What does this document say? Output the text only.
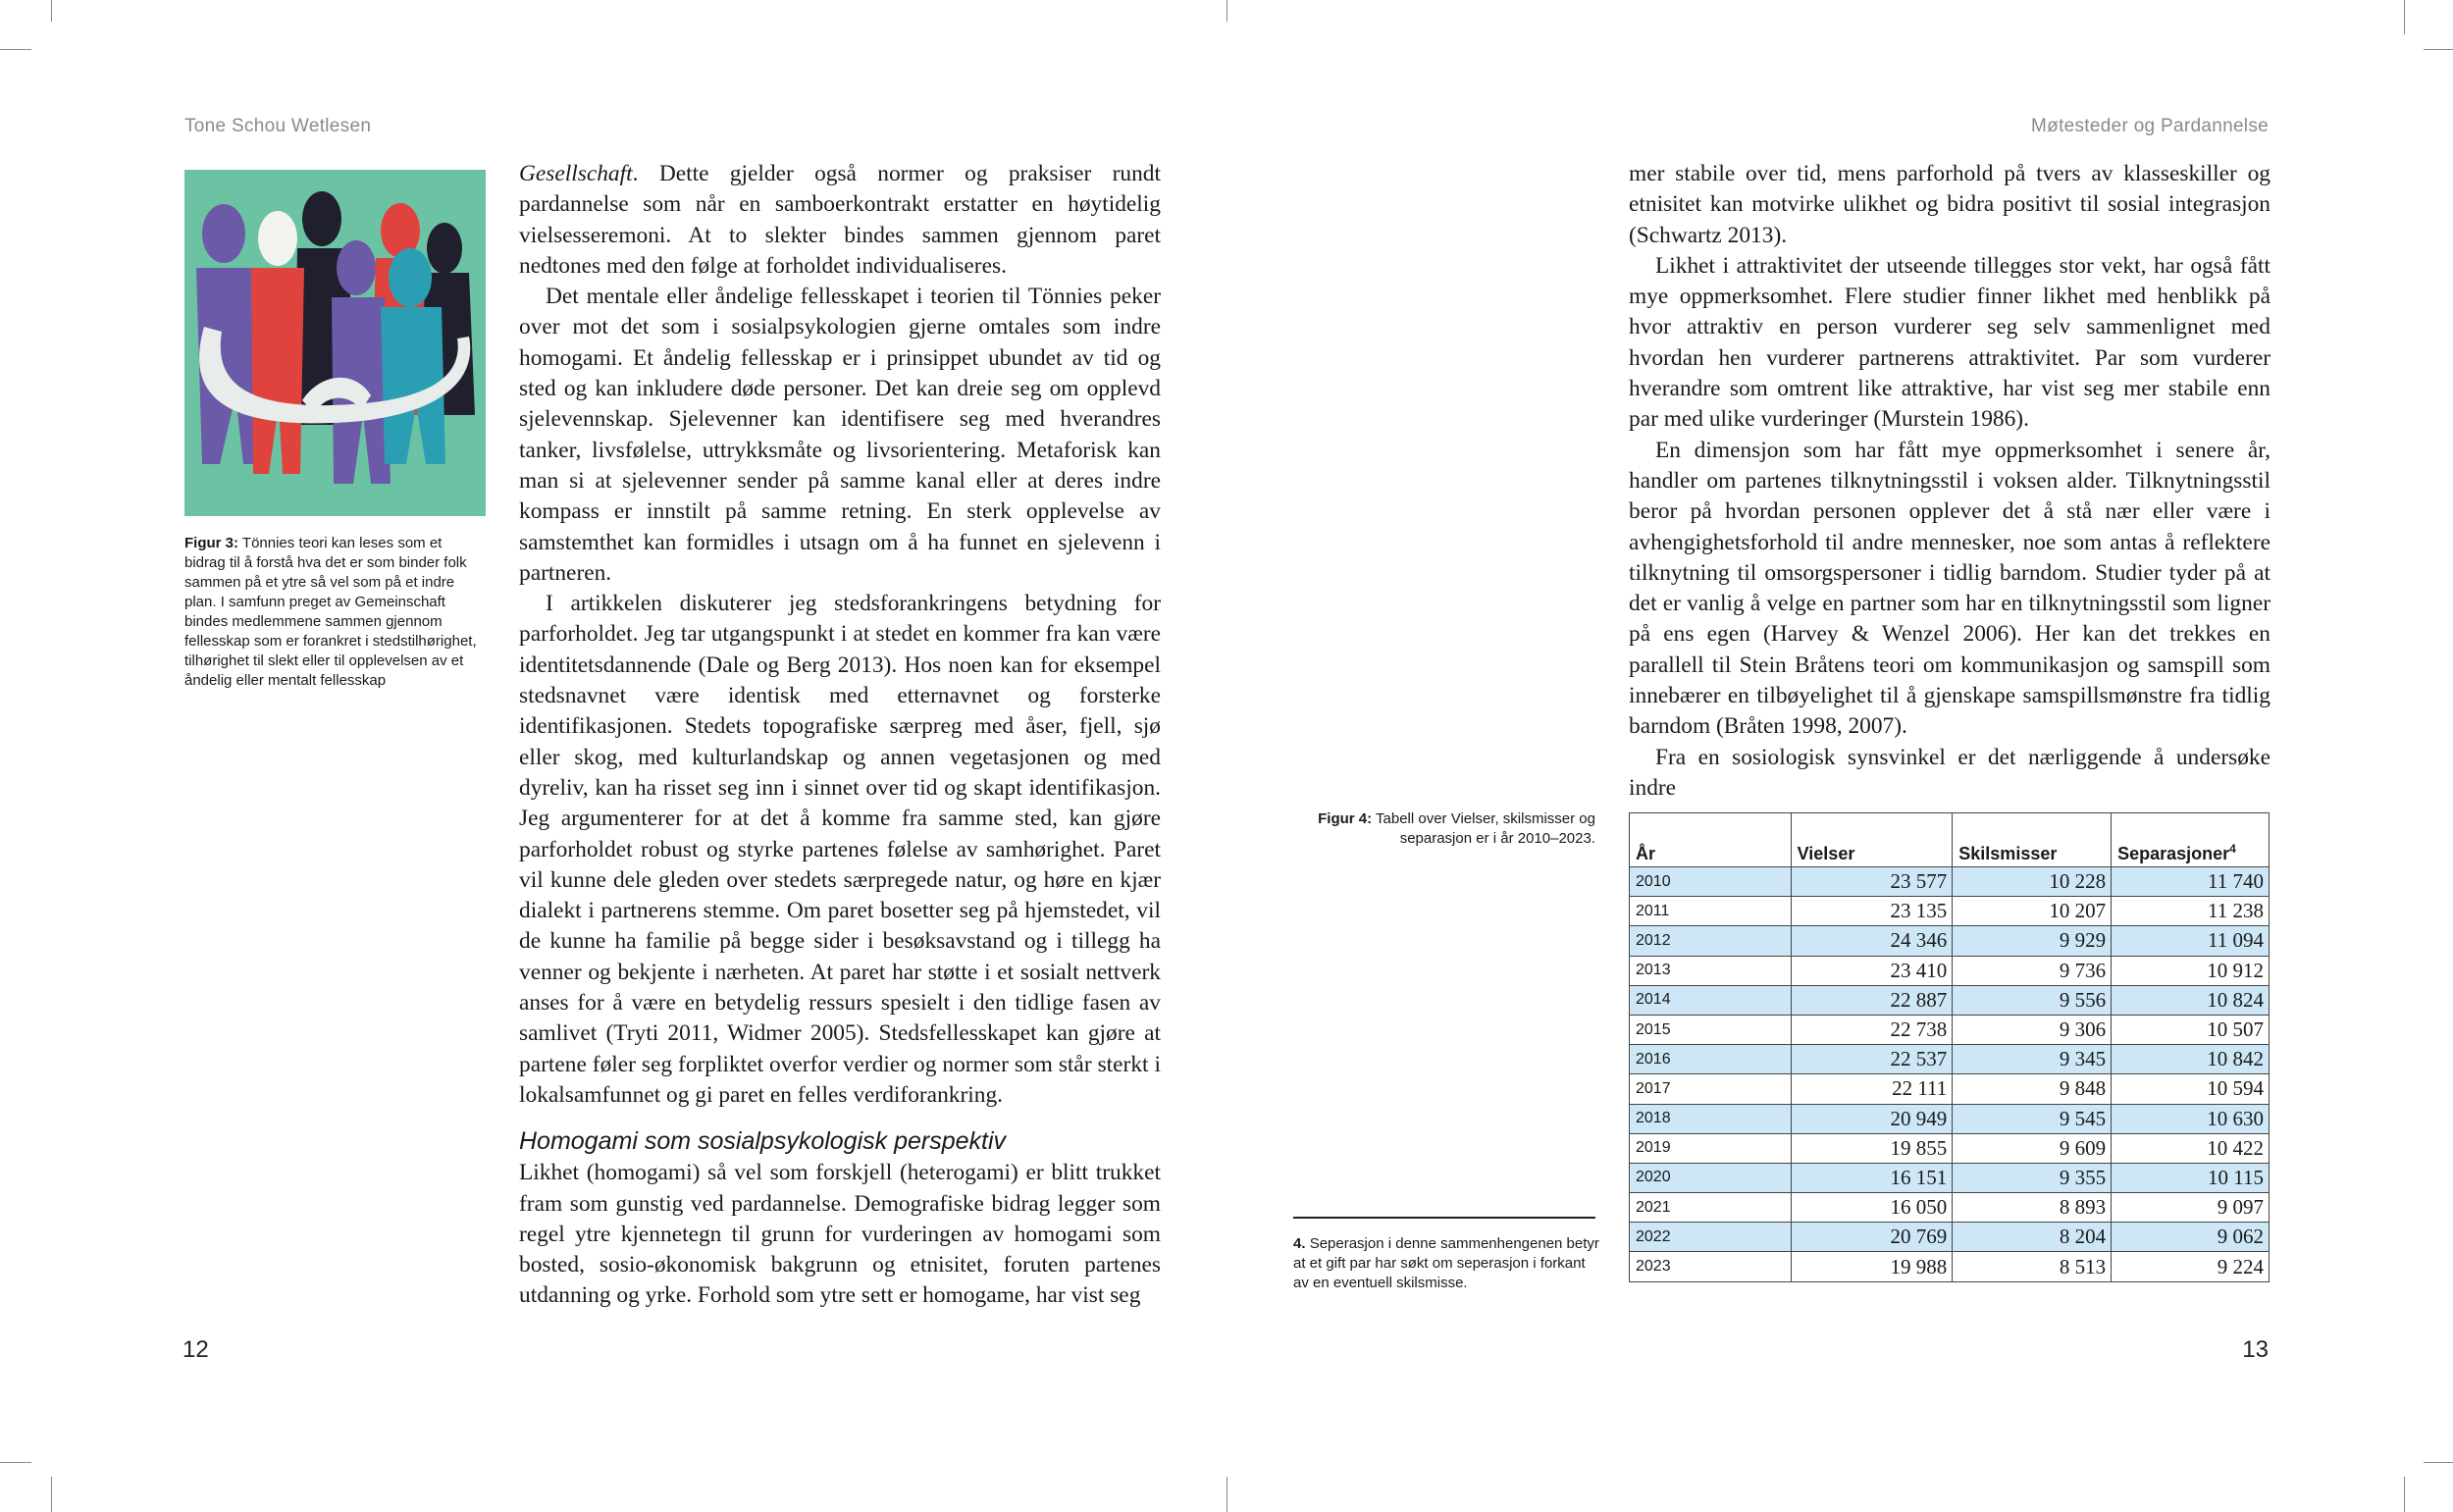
Tone Schou Wetlesen	Møtesteder og Pardannelse
Figur 3: Tönnies teori kan leses som et bidrag til å forstå hva det er som binder folk sammen på et ytre så vel som på et indre plan. I samfunn preget av Gemeinschaft bindes medlemmene sammen gjennom fellesskap som er forankret i stedstilhørighet, tilhørighet til slekt eller til opplevelsen av et åndelig eller mentalt fellesskap

Gesellschaft. Dette gjelder også normer og praksiser rundt pardannelse som når en samboerkontrakt erstatter en høytidelig vielsesseremoni. At to slekter bindes sammen gjennom paret nedtones med den følge at forholdet individualiseres.

Det mentale eller åndelige fellesskapet i teorien til Tönnies peker over mot det som i sosialpsykologien gjerne omtales som indre homogami. Et åndelig fellesskap er i prinsippet ubundet av tid og sted og kan inkludere døde personer. Det kan dreie seg om opplevd sjelevennskap. Sjelevenner kan identifisere seg med hverandres tanker, livsfølelse, uttrykksmåte og livsorientering. Metaforisk kan man si at sjelevenner sender på samme kanal eller at deres indre kompass er innstilt på samme retning. En sterk opplevelse av samstemthet kan formidles i utsagn om å ha funnet en sjelevenn i partneren.

I artikkelen diskuterer jeg stedsforankringens betydning for parforholdet. Jeg tar utgangspunkt i at stedet en kommer fra kan være identitetsdannende (Dale og Berg 2013). Hos noen kan for eksempel stedsnavnet være identisk med etternavnet og forsterke identifikasjonen. Stedets topografiske særpreg med åser, fjell, sjø eller skog, med kulturlandskap og annen vegetasjonen og med dyreliv, kan ha risset seg inn i sinnet over tid og skapt identifikasjon. Jeg argumenterer for at det å komme fra samme sted, kan gjøre parforholdet robust og styrke partenes følelse av samhørighet. Paret vil kunne dele gleden over stedets særpregede natur, og høre en kjær dialekt i partnerens stemme. Om paret bosetter seg på hjemstedet, vil de kunne ha familie på begge sider i besøksavstand og i tillegg ha venner og bekjente i nærheten. At paret har støtte i et sosialt nettverk anses for å være en betydelig ressurs spesielt i den tidlige fasen av samlivet (Tryti 2011, Widmer 2005). Stedsfellesskapet kan gjøre at partene føler seg forpliktet overfor verdier og normer som står sterkt i lokalsamfunnet og gi paret en felles verdiforankring.

Homogami som sosialpsykologisk perspektiv

Likhet (homogami) så vel som forskjell (heterogami) er blitt trukket fram som gunstig ved pardannelse. Demografiske bidrag legger som regel ytre kjennetegn til grunn for vurderingen av homogami som bosted, sosio-økonomisk bakgrunn og etnisitet, foruten partenes utdanning og yrke. Forhold som ytre sett er homogame, har vist seg

mer stabile over tid, mens parforhold på tvers av klasseskiller og etnisitet kan motvirke ulikhet og bidra positivt til sosial integrasjon (Schwartz 2013).

Likhet i attraktivitet der utseende tillegges stor vekt, har også fått mye oppmerksomhet. Flere studier finner likhet med henblikk på hvor attraktiv en person vurderer seg selv sammenlignet med hvordan hen vurderer partnerens attraktivitet. Par som vurderer hverandre som omtrent like attraktive, har vist seg mer stabile enn par med ulike vurderinger (Murstein 1986).

En dimensjon som har fått mye oppmerksomhet i senere år, handler om partenes tilknytningsstil i voksen alder. Tilknytningsstil beror på hvordan personen opplever det å stå nær eller være i avhengighetsforhold til andre mennesker, noe som antas å reflektere tilknytning til omsorgspersoner i tidlig barndom. Studier tyder på at det er vanlig å velge en partner som har en tilknytningsstil som ligner på ens egen (Harvey & Wenzel 2006). Her kan det trekkes en parallell til Stein Bråtens teori om kommunikasjon og samspill som innebærer en tilbøyelighet til å gjenskape samspillsmønstre fra tidlig barndom (Bråten 1998, 2007).

Fra en sosiologisk synsvinkel er det nærliggende å undersøke indre

Figur 4: Tabell over Vielser, skilsmisser og separasjon er i år 2010–2023.
4. Seperasjon i denne sammenhengenen betyr at et gift par har søkt om seperasjon i forkant av en eventuell skilsmisse.
År	Vielser	Skilsmisser	Separasjoner$^4$
2010	23 577	10 228	11 740
2011	23 135	10 207	11 238
2012	24 346	9 929	11 094
2013	23 410	9 736	10 912
2014	22 887	9 556	10 824
2015	22 738	9 306	10 507
2016	22 537	9 345	10 842
2017	22 111	9 848	10 594
2018	20 949	9 545	10 630
2019	19 855	9 609	10 422
2020	16 151	9 355	10 115
2021	16 050	8 893	9 097
2022	20 769	8 204	9 062
2023	19 988	8 513	9 224
12	13
